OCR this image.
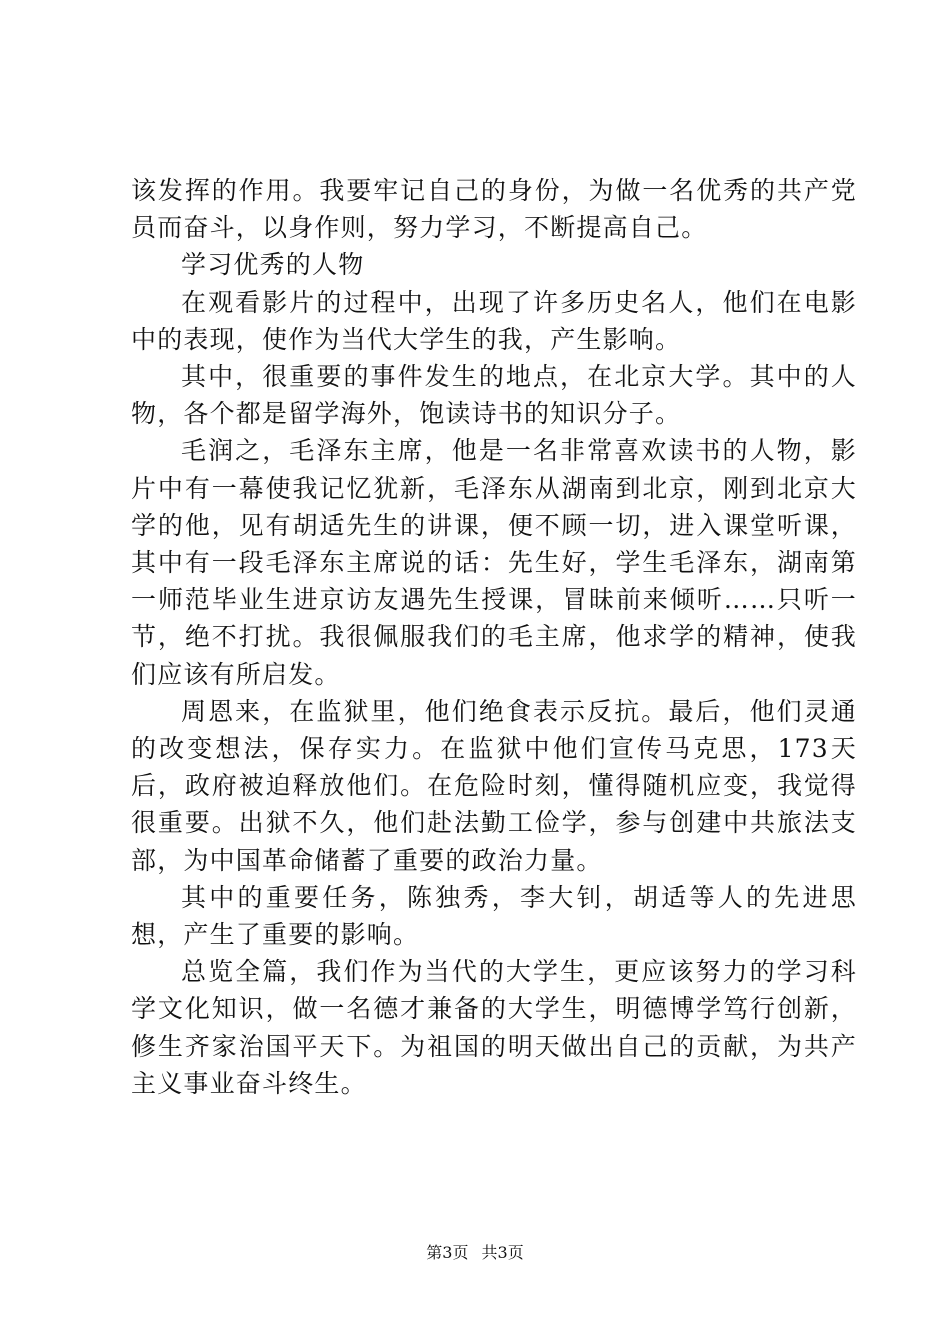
该发挥的作用。我要牢记自己的身份，为做一名优秀的共产党员而奋斗，以身作则，努力学习，不断提高自己。

学习优秀的人物

在观看影片的过程中，出现了许多历史名人，他们在电影中的表现，使作为当代大学生的我，产生影响。

其中，很重要的事件发生的地点，在北京大学。其中的人物，各个都是留学海外，饱读诗书的知识分子。

毛润之，毛泽东主席，他是一名非常喜欢读书的人物，影片中有一幕使我记忆犹新，毛泽东从湖南到北京，刚到北京大学的他，见有胡适先生的讲课，便不顾一切，进入课堂听课，其中有一段毛泽东主席说的话：先生好，学生毛泽东，湖南第一师范毕业生进京访友遇先生授课，冒昧前来倾听……只听一节，绝不打扰。我很佩服我们的毛主席，他求学的精神，使我们应该有所启发。

周恩来，在监狱里，他们绝食表示反抗。最后，他们灵通的改变想法，保存实力。在监狱中他们宣传马克思，173天后，政府被迫释放他们。在危险时刻，懂得随机应变，我觉得很重要。出狱不久，他们赴法勤工俭学，参与创建中共旅法支部，为中国革命储蓄了重要的政治力量。

其中的重要任务，陈独秀，李大钊，胡适等人的先进思想，产生了重要的影响。

总览全篇，我们作为当代的大学生，更应该努力的学习科学文化知识，做一名德才兼备的大学生，明德博学笃行创新，修生齐家治国平天下。为祖国的明天做出自己的贡献，为共产主义事业奋斗终生。

第3页 共3页
